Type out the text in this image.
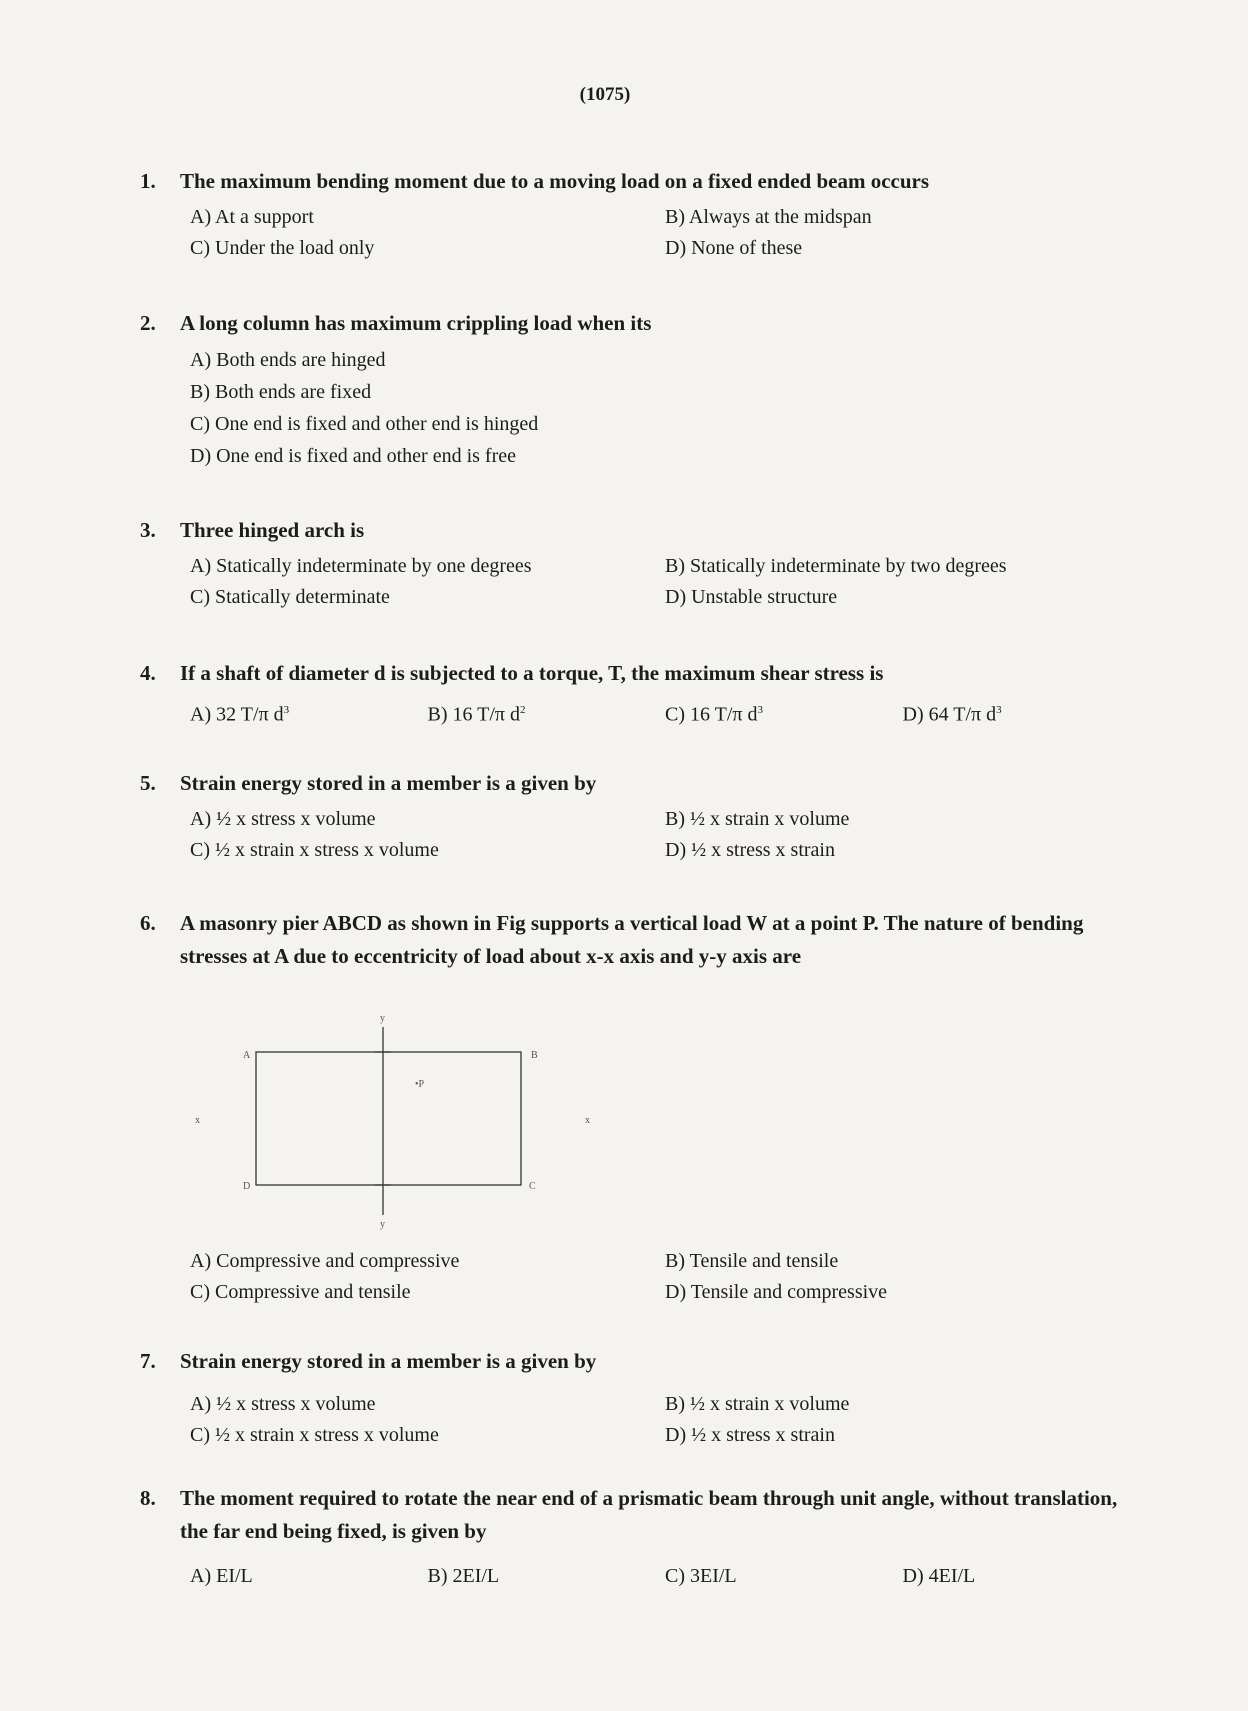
(1075)
1.	The maximum bending moment due to a moving load on a fixed ended beam occurs
A) At a support	B) Always at the midspan
C) Under the load only	D) None of these
2.	A long column has maximum crippling load when its
A) Both ends are hinged
B) Both ends are fixed
C) One end is fixed and other end is hinged
D) One end is fixed and other end is free
3.	Three hinged arch is
A) Statically indeterminate by one degrees	B) Statically indeterminate by two degrees
C) Statically determinate	D) Unstable structure
4.	If a shaft of diameter d is subjected to a torque, T, the maximum shear stress is
A) 32 T/π $d^3$	B) 16 T/π $d^2$	C) 16 T/π $d^3$	D) 64 T/π $d^3$
5.	Strain energy stored in a member is a given by
A) ½ x stress x volume	B) ½ x strain x volume
C) ½ x strain x stress x volume	D) ½ x stress x strain
6.	A masonry pier ABCD as shown in Fig supports a vertical load W at a point P. The nature of bending stresses at A due to eccentricity of load about x-x axis and y-y axis are
y
y
A	B
C
D
x	x
•P
A) Compressive and compressive	B) Tensile and tensile
C) Compressive and tensile	D) Tensile and compressive
7.	Strain energy stored in a member is a given by
A) ½ x stress x volume	B) ½ x strain x volume
C) ½ x strain x stress x volume	D) ½ x stress x strain
8.	The moment required to rotate the near end of a prismatic beam through unit angle, without translation, the far end being fixed, is given by
A) EI/L	B) 2EI/L	C) 3EI/L	D) 4EI/L
